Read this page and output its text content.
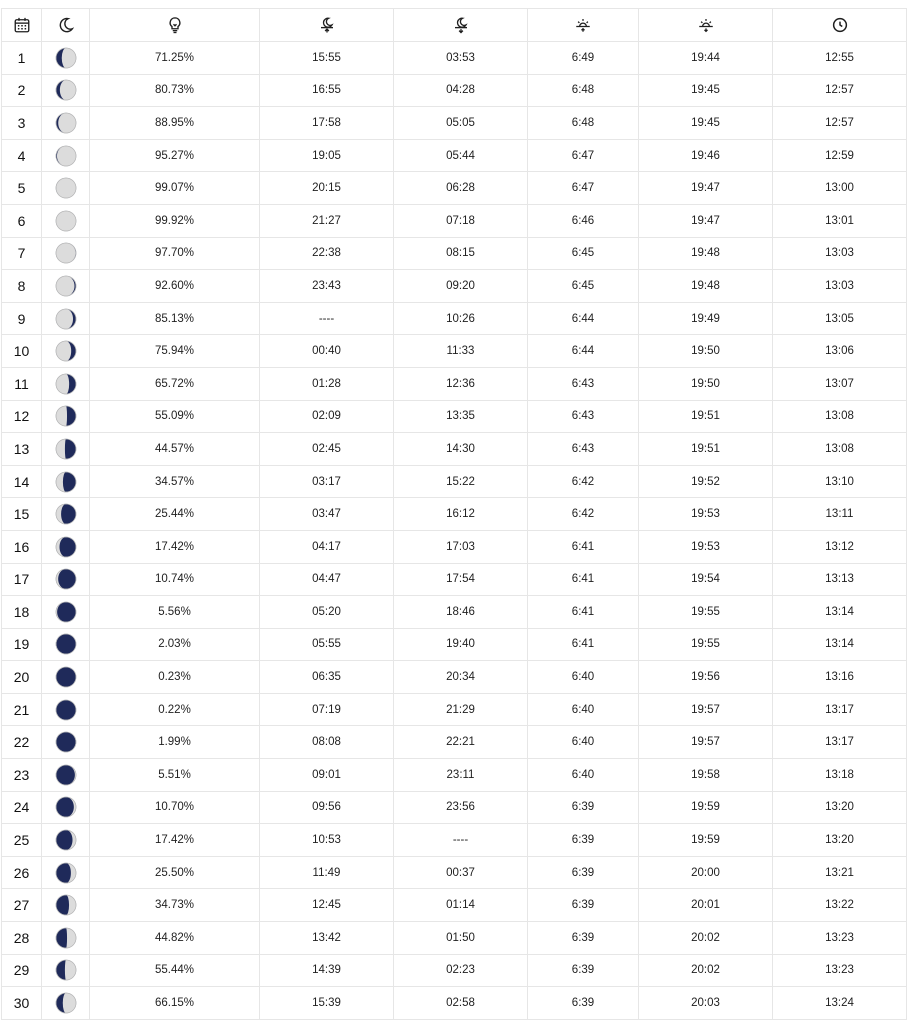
1		71.25%	15:55	03:53	6:49	19:44	12:55
2		80.73%	16:55	04:28	6:48	19:45	12:57
3		88.95%	17:58	05:05	6:48	19:45	12:57
4		95.27%	19:05	05:44	6:47	19:46	12:59
5		99.07%	20:15	06:28	6:47	19:47	13:00
6		99.92%	21:27	07:18	6:46	19:47	13:01
7		97.70%	22:38	08:15	6:45	19:48	13:03
8		92.60%	23:43	09:20	6:45	19:48	13:03
9		85.13%	----	10:26	6:44	19:49	13:05
10		75.94%	00:40	11:33	6:44	19:50	13:06
11		65.72%	01:28	12:36	6:43	19:50	13:07
12		55.09%	02:09	13:35	6:43	19:51	13:08
13		44.57%	02:45	14:30	6:43	19:51	13:08
14		34.57%	03:17	15:22	6:42	19:52	13:10
15		25.44%	03:47	16:12	6:42	19:53	13:11
16		17.42%	04:17	17:03	6:41	19:53	13:12
17		10.74%	04:47	17:54	6:41	19:54	13:13
18		5.56%	05:20	18:46	6:41	19:55	13:14
19		2.03%	05:55	19:40	6:41	19:55	13:14
20		0.23%	06:35	20:34	6:40	19:56	13:16
21		0.22%	07:19	21:29	6:40	19:57	13:17
22		1.99%	08:08	22:21	6:40	19:57	13:17
23		5.51%	09:01	23:11	6:40	19:58	13:18
24		10.70%	09:56	23:56	6:39	19:59	13:20
25		17.42%	10:53	----	6:39	19:59	13:20
26		25.50%	11:49	00:37	6:39	20:00	13:21
27		34.73%	12:45	01:14	6:39	20:01	13:22
28		44.82%	13:42	01:50	6:39	20:02	13:23
29		55.44%	14:39	02:23	6:39	20:02	13:23
30		66.15%	15:39	02:58	6:39	20:03	13:24
